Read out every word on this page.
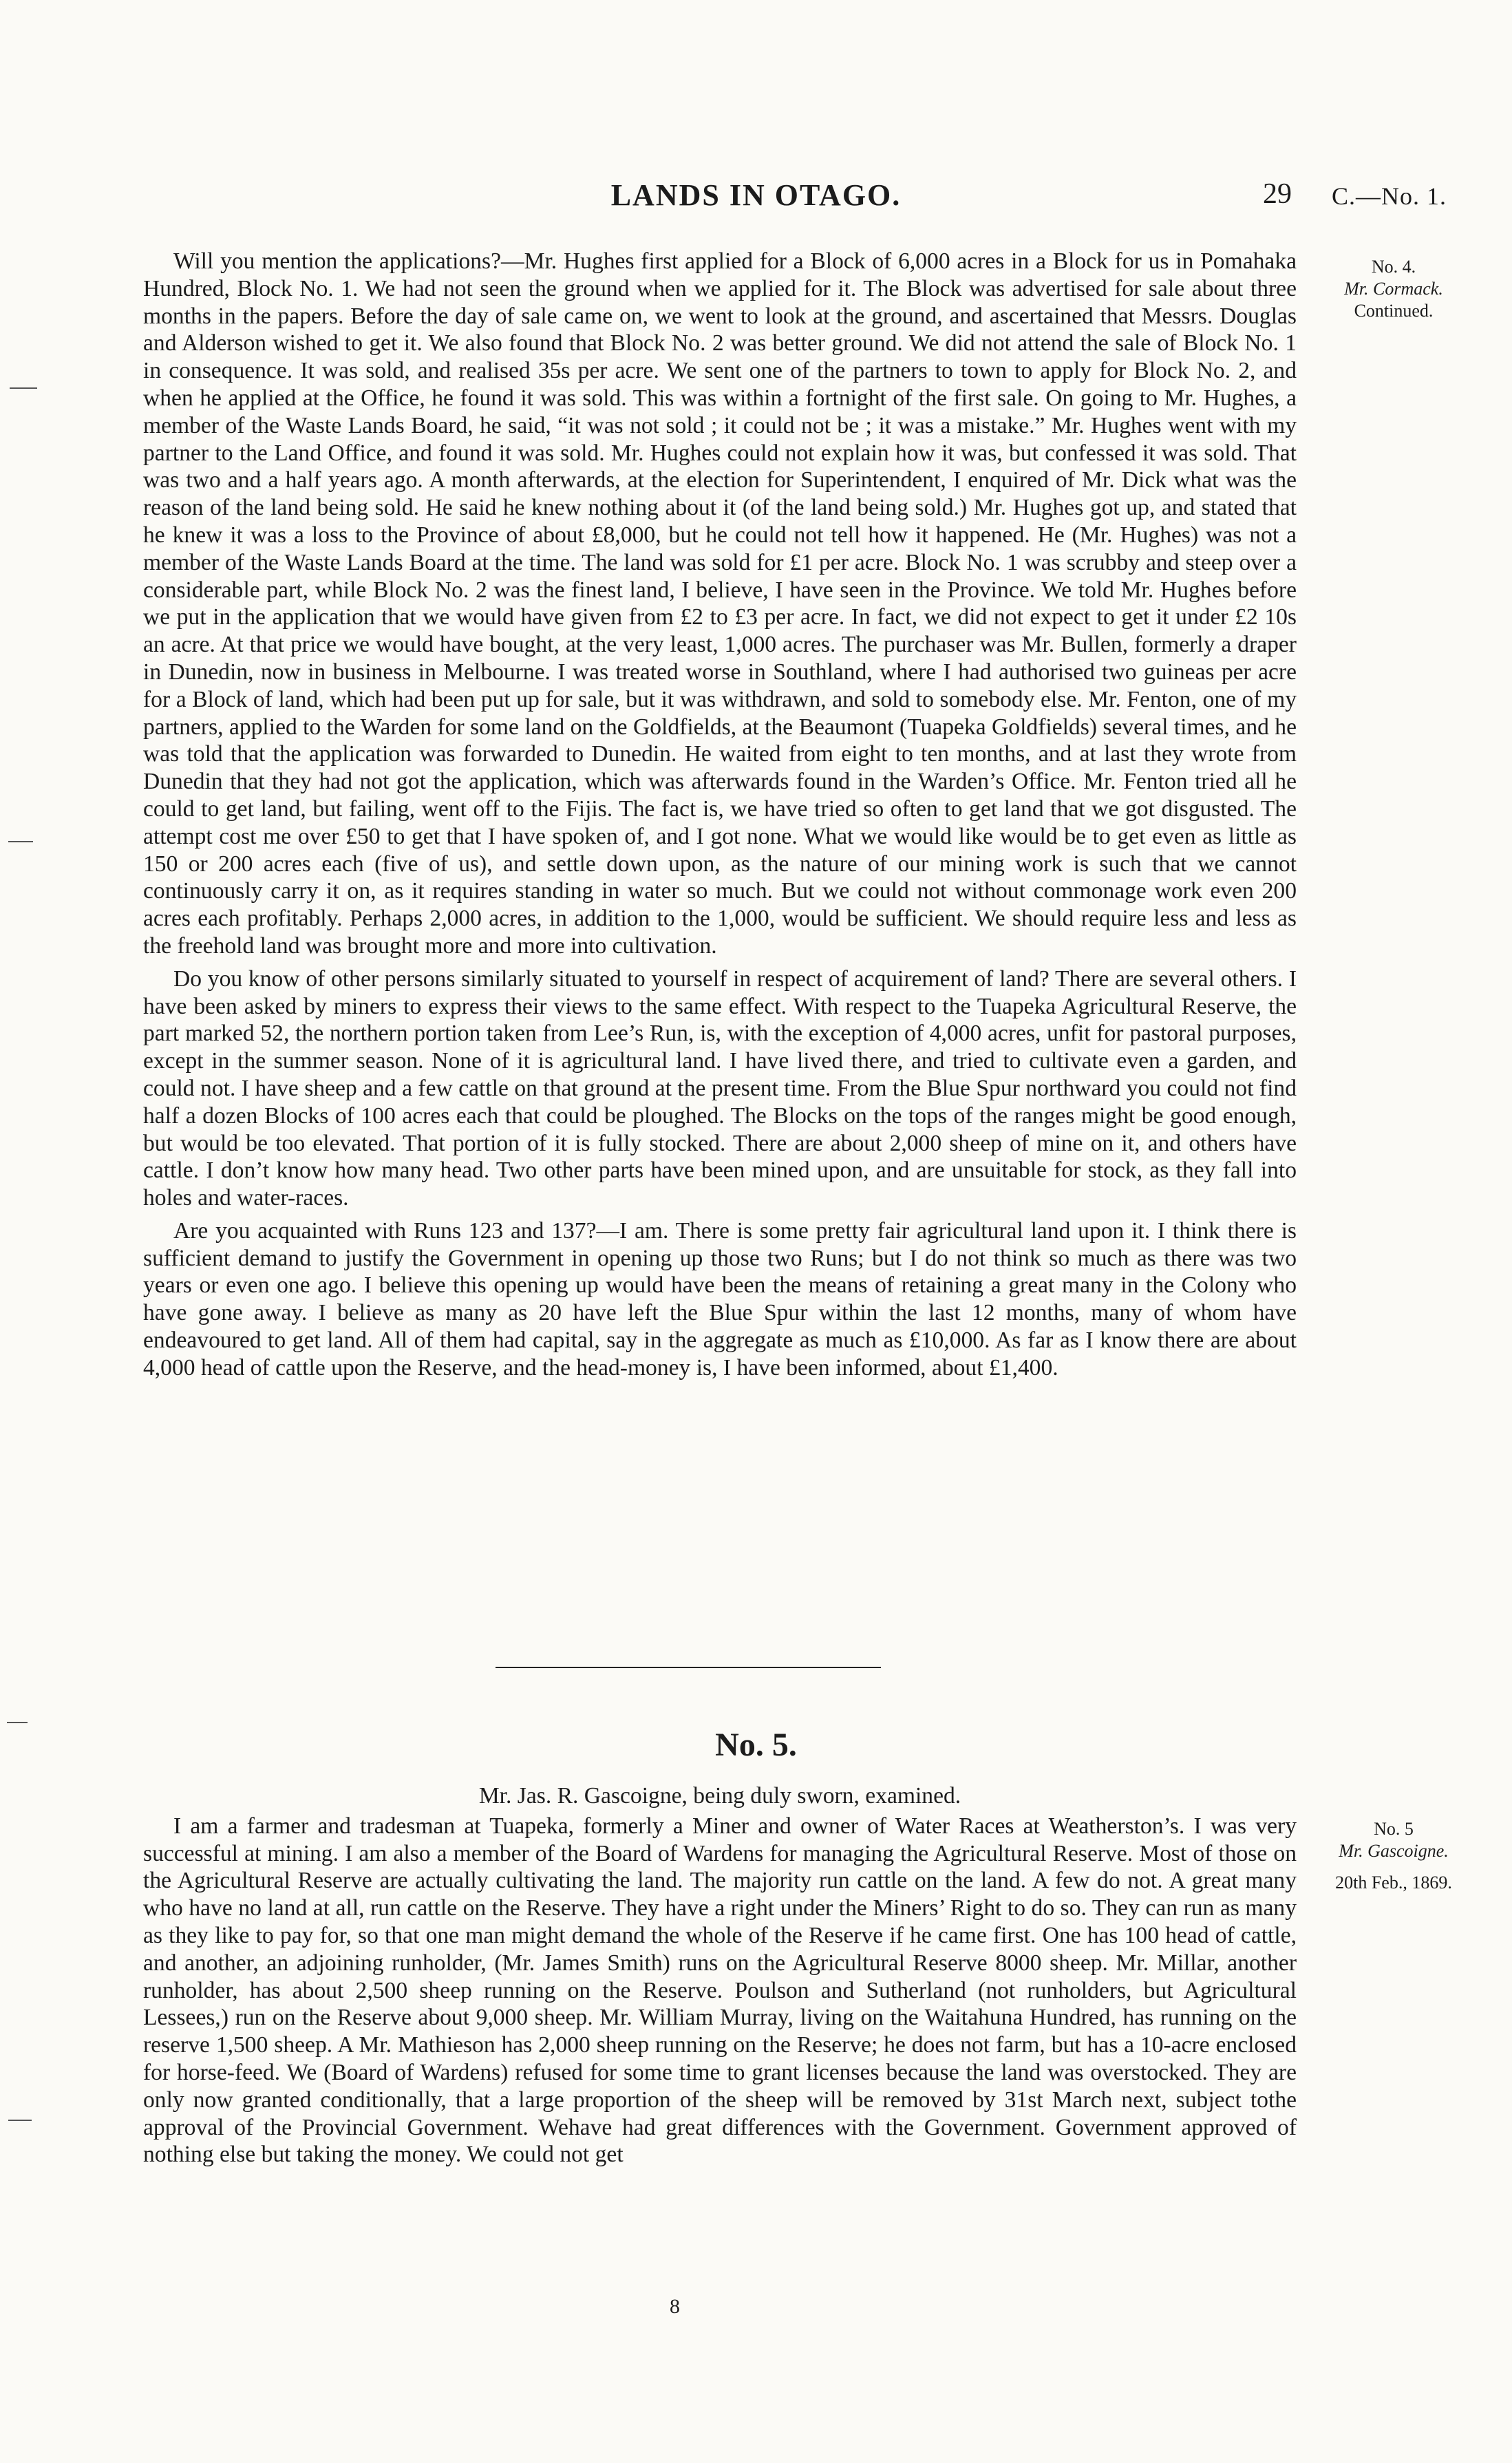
LANDS IN OTAGO.	29 C.—No. 1.
No. 4.
Mr. Cormack.
Continued.

Will you mention the applications?—Mr. Hughes first applied for a Block of 6,000 acres in a Block for us in Pomahaka Hundred, Block No. 1. We had not seen the ground when we applied for it. The Block was advertised for sale about three months in the papers. Before the day of sale came on, we went to look at the ground, and ascertained that Messrs. Douglas and Alderson wished to get it. We also found that Block No. 2 was better ground. We did not attend the sale of Block No. 1 in consequence. It was sold, and realised 35s per acre. We sent one of the partners to town to apply for Block No. 2, and when he applied at the Office, he found it was sold. This was within a fortnight of the first sale. On going to Mr. Hughes, a member of the Waste Lands Board, he said, “it was not sold ; it could not be ; it was a mistake.” Mr. Hughes went with my partner to the Land Office, and found it was sold. Mr. Hughes could not explain how it was, but confessed it was sold. That was two and a half years ago. A month afterwards, at the election for Superintendent, I enquired of Mr. Dick what was the reason of the land being sold. He said he knew nothing about it (of the land being sold.) Mr. Hughes got up, and stated that he knew it was a loss to the Province of about £8,000, but he could not tell how it happened. He (Mr. Hughes) was not a member of the Waste Lands Board at the time. The land was sold for £1 per acre. Block No. 1 was scrubby and steep over a considerable part, while Block No. 2 was the finest land, I believe, I have seen in the Province. We told Mr. Hughes before we put in the application that we would have given from £2 to £3 per acre. In fact, we did not expect to get it under £2 10s an acre. At that price we would have bought, at the very least, 1,000 acres. The purchaser was Mr. Bullen, formerly a draper in Dunedin, now in business in Melbourne. I was treated worse in Southland, where I had authorised two guineas per acre for a Block of land, which had been put up for sale, but it was withdrawn, and sold to somebody else. Mr. Fenton, one of my partners, applied to the Warden for some land on the Goldfields, at the Beaumont (Tuapeka Goldfields) several times, and he was told that the application was forwarded to Dunedin. He waited from eight to ten months, and at last they wrote from Dunedin that they had not got the application, which was afterwards found in the Warden’s Office. Mr. Fenton tried all he could to get land, but failing, went off to the Fijis. The fact is, we have tried so often to get land that we got disgusted. The attempt cost me over £50 to get that I have spoken of, and I got none. What we would like would be to get even as little as 150 or 200 acres each (five of us), and settle down upon, as the nature of our mining work is such that we cannot continuously carry it on, as it requires standing in water so much. But we could not without commonage work even 200 acres each profitably. Perhaps 2,000 acres, in addition to the 1,000, would be sufficient. We should require less and less as the freehold land was brought more and more into cultivation.

Do you know of other persons similarly situated to yourself in respect of acquirement of land? There are several others. I have been asked by miners to express their views to the same effect. With respect to the Tuapeka Agricultural Reserve, the part marked 52, the northern portion taken from Lee’s Run, is, with the exception of 4,000 acres, unfit for pastoral purposes, except in the summer season. None of it is agricultural land. I have lived there, and tried to cultivate even a garden, and could not. I have sheep and a few cattle on that ground at the present time. From the Blue Spur northward you could not find half a dozen Blocks of 100 acres each that could be ploughed. The Blocks on the tops of the ranges might be good enough, but would be too elevated. That portion of it is fully stocked. There are about 2,000 sheep of mine on it, and others have cattle. I don’t know how many head. Two other parts have been mined upon, and are unsuitable for stock, as they fall into holes and water-races.

Are you acquainted with Runs 123 and 137?—I am. There is some pretty fair agricultural land upon it. I think there is sufficient demand to justify the Government in opening up those two Runs; but I do not think so much as there was two years or even one ago. I believe this opening up would have been the means of retaining a great many in the Colony who have gone away. I believe as many as 20 have left the Blue Spur within the last 12 months, many of whom have endeavoured to get land. All of them had capital, say in the aggregate as much as £10,000. As far as I know there are about 4,000 head of cattle upon the Reserve, and the head-money is, I have been informed, about £1,400.

No. 5.
No. 5
Mr. Gascoigne.
20th Feb., 1869.

Mr. Jas. R. Gascoigne, being duly sworn, examined.

I am a farmer and tradesman at Tuapeka, formerly a Miner and owner of Water Races at Weatherston’s. I was very successful at mining. I am also a member of the Board of Wardens for managing the Agricultural Reserve. Most of those on the Agricultural Reserve are actually cultivating the land. The majority run cattle on the land. A few do not. A great many who have no land at all, run cattle on the Reserve. They have a right under the Miners’ Right to do so. They can run as many as they like to pay for, so that one man might demand the whole of the Reserve if he came first. One has 100 head of cattle, and another, an adjoining runholder, (Mr. James Smith) runs on the Agricultural Reserve 8000 sheep. Mr. Millar, another runholder, has about 2,500 sheep running on the Reserve. Poulson and Sutherland (not runholders, but Agricultural Lessees,) run on the Reserve about 9,000 sheep. Mr. William Murray, living on the Waitahuna Hundred, has running on the reserve 1,500 sheep. A Mr. Mathieson has 2,000 sheep running on the Reserve; he does not farm, but has a 10-acre enclosed for horse-feed. We (Board of Wardens) refused for some time to grant licenses because the land was overstocked. They are only now granted conditionally, that a large proportion of the sheep will be removed by 31st March next, subject tothe approval of the Provincial Government. Wehave had great differences with the Government. Government approved of nothing else but taking the money. We could not get

8
